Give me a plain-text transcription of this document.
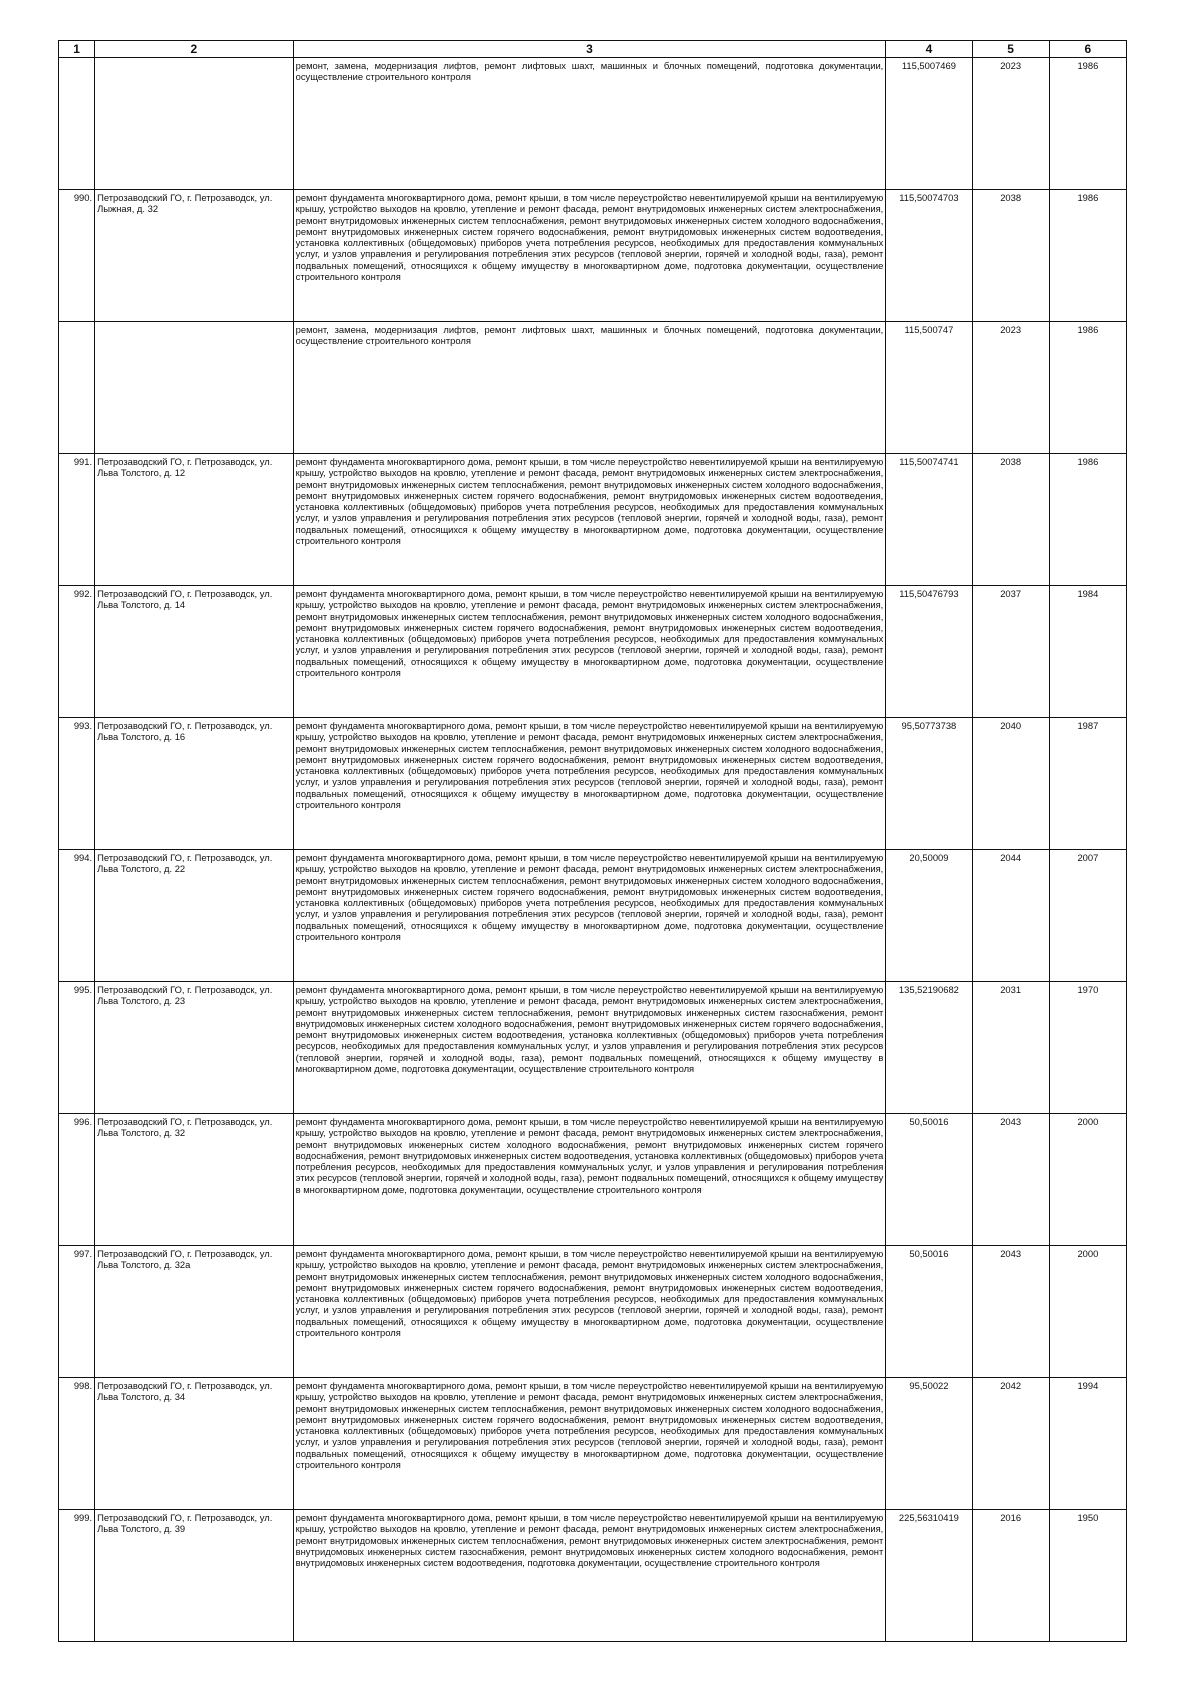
1	2	3	4	5	6
		ремонт, замена, модернизация лифтов, ремонт лифтовых шахт, машинных и блочных помещений, подготовка документации, осуществление строительного контроля	115,5007469	2023	1986
990.	Петрозаводский ГО, г. Петрозаводск, ул. Лыжная, д. 32	ремонт фундамента многоквартирного дома, ремонт крыши, в том числе переустройство невентилируемой крыши на вентилируемую крышу, устройство выходов на кровлю, утепление и ремонт фасада, ремонт внутридомовых инженерных систем электроснабжения, ремонт внутридомовых инженерных систем теплоснабжения, ремонт внутридомовых инженерных систем холодного водоснабжения, ремонт внутридомовых инженерных систем горячего водоснабжения, ремонт внутридомовых инженерных систем водоотведения, установка коллективных (общедомовых) приборов учета потребления ресурсов, необходимых для предоставления коммунальных услуг, и узлов управления и регулирования потребления этих ресурсов (тепловой энергии, горячей и холодной воды, газа), ремонт подвальных помещений, относящихся к общему имуществу в многоквартирном доме, подготовка документации, осуществление строительного контроля	115,50074703	2038	1986
		ремонт, замена, модернизация лифтов, ремонт лифтовых шахт, машинных и блочных помещений, подготовка документации, осуществление строительного контроля	115,500747	2023	1986
991.	Петрозаводский ГО, г. Петрозаводск, ул. Льва Толстого, д. 12	ремонт фундамента многоквартирного дома, ремонт крыши, в том числе переустройство невентилируемой крыши на вентилируемую крышу, устройство выходов на кровлю, утепление и ремонт фасада, ремонт внутридомовых инженерных систем электроснабжения, ремонт внутридомовых инженерных систем теплоснабжения, ремонт внутридомовых инженерных систем холодного водоснабжения, ремонт внутридомовых инженерных систем горячего водоснабжения, ремонт внутридомовых инженерных систем водоотведения, установка коллективных (общедомовых) приборов учета потребления ресурсов, необходимых для предоставления коммунальных услуг, и узлов управления и регулирования потребления этих ресурсов (тепловой энергии, горячей и холодной воды, газа), ремонт подвальных помещений, относящихся к общему имуществу в многоквартирном доме, подготовка документации, осуществление строительного контроля	115,50074741	2038	1986
992.	Петрозаводский ГО, г. Петрозаводск, ул. Льва Толстого, д. 14	ремонт фундамента многоквартирного дома, ремонт крыши, в том числе переустройство невентилируемой крыши на вентилируемую крышу, устройство выходов на кровлю, утепление и ремонт фасада, ремонт внутридомовых инженерных систем электроснабжения, ремонт внутридомовых инженерных систем теплоснабжения, ремонт внутридомовых инженерных систем холодного водоснабжения, ремонт внутридомовых инженерных систем горячего водоснабжения, ремонт внутридомовых инженерных систем водоотведения, установка коллективных (общедомовых) приборов учета потребления ресурсов, необходимых для предоставления коммунальных услуг, и узлов управления и регулирования потребления этих ресурсов (тепловой энергии, горячей и холодной воды, газа), ремонт подвальных помещений, относящихся к общему имуществу в многоквартирном доме, подготовка документации, осуществление строительного контроля	115,50476793	2037	1984
993.	Петрозаводский ГО, г. Петрозаводск, ул. Льва Толстого, д. 16	ремонт фундамента многоквартирного дома, ремонт крыши, в том числе переустройство невентилируемой крыши на вентилируемую крышу, устройство выходов на кровлю, утепление и ремонт фасада, ремонт внутридомовых инженерных систем электроснабжения, ремонт внутридомовых инженерных систем теплоснабжения, ремонт внутридомовых инженерных систем холодного водоснабжения, ремонт внутридомовых инженерных систем горячего водоснабжения, ремонт внутридомовых инженерных систем водоотведения, установка коллективных (общедомовых) приборов учета потребления ресурсов, необходимых для предоставления коммунальных услуг, и узлов управления и регулирования потребления этих ресурсов (тепловой энергии, горячей и холодной воды, газа), ремонт подвальных помещений, относящихся к общему имуществу в многоквартирном доме, подготовка документации, осуществление строительного контроля	95,50773738	2040	1987
994.	Петрозаводский ГО, г. Петрозаводск, ул. Льва Толстого, д. 22	ремонт фундамента многоквартирного дома, ремонт крыши, в том числе переустройство невентилируемой крыши на вентилируемую крышу, устройство выходов на кровлю, утепление и ремонт фасада, ремонт внутридомовых инженерных систем электроснабжения, ремонт внутридомовых инженерных систем теплоснабжения, ремонт внутридомовых инженерных систем холодного водоснабжения, ремонт внутридомовых инженерных систем горячего водоснабжения, ремонт внутридомовых инженерных систем водоотведения, установка коллективных (общедомовых) приборов учета потребления ресурсов, необходимых для предоставления коммунальных услуг, и узлов управления и регулирования потребления этих ресурсов (тепловой энергии, горячей и холодной воды, газа), ремонт подвальных помещений, относящихся к общему имуществу в многоквартирном доме, подготовка документации, осуществление строительного контроля	20,50009	2044	2007
995.	Петрозаводский ГО, г. Петрозаводск, ул. Льва Толстого, д. 23	ремонт фундамента многоквартирного дома, ремонт крыши, в том числе переустройство невентилируемой крыши на вентилируемую крышу, устройство выходов на кровлю, утепление и ремонт фасада, ремонт внутридомовых инженерных систем электроснабжения, ремонт внутридомовых инженерных систем теплоснабжения, ремонт внутридомовых инженерных систем газоснабжения, ремонт внутридомовых инженерных систем холодного водоснабжения, ремонт внутридомовых инженерных систем горячего водоснабжения, ремонт внутридомовых инженерных систем водоотведения, установка коллективных (общедомовых) приборов учета потребления ресурсов, необходимых для предоставления коммунальных услуг, и узлов управления и регулирования потребления этих ресурсов (тепловой энергии, горячей и холодной воды, газа), ремонт подвальных помещений, относящихся к общему имуществу в многоквартирном доме, подготовка документации, осуществление строительного контроля	135,52190682	2031	1970
996.	Петрозаводский ГО, г. Петрозаводск, ул. Льва Толстого, д. 32	ремонт фундамента многоквартирного дома, ремонт крыши, в том числе переустройство невентилируемой крыши на вентилируемую крышу, устройство выходов на кровлю, утепление и ремонт фасада, ремонт внутридомовых инженерных систем электроснабжения, ремонт внутридомовых инженерных систем холодного водоснабжения, ремонт внутридомовых инженерных систем горячего водоснабжения, ремонт внутридомовых инженерных систем водоотведения, установка коллективных (общедомовых) приборов учета потребления ресурсов, необходимых для предоставления коммунальных услуг, и узлов управления и регулирования потребления этих ресурсов (тепловой энергии, горячей и холодной воды, газа), ремонт подвальных помещений, относящихся к общему имуществу в многоквартирном доме, подготовка документации, осуществление строительного контроля	50,50016	2043	2000
997.	Петрозаводский ГО, г. Петрозаводск, ул. Льва Толстого, д. 32а	ремонт фундамента многоквартирного дома, ремонт крыши, в том числе переустройство невентилируемой крыши на вентилируемую крышу, устройство выходов на кровлю, утепление и ремонт фасада, ремонт внутридомовых инженерных систем электроснабжения, ремонт внутридомовых инженерных систем теплоснабжения, ремонт внутридомовых инженерных систем холодного водоснабжения, ремонт внутридомовых инженерных систем горячего водоснабжения, ремонт внутридомовых инженерных систем водоотведения, установка коллективных (общедомовых) приборов учета потребления ресурсов, необходимых для предоставления коммунальных услуг, и узлов управления и регулирования потребления этих ресурсов (тепловой энергии, горячей и холодной воды, газа), ремонт подвальных помещений, относящихся к общему имуществу в многоквартирном доме, подготовка документации, осуществление строительного контроля	50,50016	2043	2000
998.	Петрозаводский ГО, г. Петрозаводск, ул. Льва Толстого, д. 34	ремонт фундамента многоквартирного дома, ремонт крыши, в том числе переустройство невентилируемой крыши на вентилируемую крышу, устройство выходов на кровлю, утепление и ремонт фасада, ремонт внутридомовых инженерных систем электроснабжения, ремонт внутридомовых инженерных систем теплоснабжения, ремонт внутридомовых инженерных систем холодного водоснабжения, ремонт внутридомовых инженерных систем горячего водоснабжения, ремонт внутридомовых инженерных систем водоотведения, установка коллективных (общедомовых) приборов учета потребления ресурсов, необходимых для предоставления коммунальных услуг, и узлов управления и регулирования потребления этих ресурсов (тепловой энергии, горячей и холодной воды, газа), ремонт подвальных помещений, относящихся к общему имуществу в многоквартирном доме, подготовка документации, осуществление строительного контроля	95,50022	2042	1994
999.	Петрозаводский ГО, г. Петрозаводск, ул. Льва Толстого, д. 39	ремонт фундамента многоквартирного дома, ремонт крыши, в том числе переустройство невентилируемой крыши на вентилируемую крышу, устройство выходов на кровлю, утепление и ремонт фасада, ремонт внутридомовых инженерных систем электроснабжения, ремонт внутридомовых инженерных систем теплоснабжения, ремонт внутридомовых инженерных систем электроснабжения, ремонт внутридомовых инженерных систем газоснабжения, ремонт внутридомовых инженерных систем холодного водоснабжения, ремонт внутридомовых инженерных систем водоотведения, подготовка документации, осуществление строительного контроля	225,56310419	2016	1950
